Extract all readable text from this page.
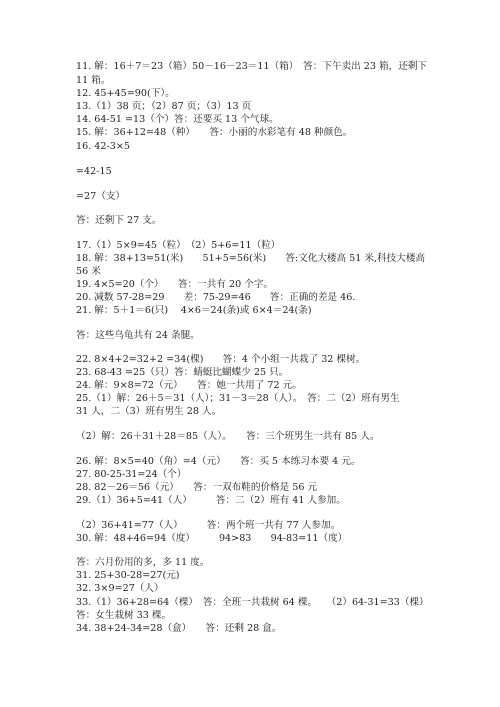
11. 解：16＋7＝23（箱）50－16－23＝11（箱）　答：下午卖出 23 箱，还剩下
11 箱。
12. 45+45=90(下）。
13.（1）38 页；（2）87 页；（3）13 页
14. 64-51 =13（个）答：还要买 13 个气球。
15. 解：36+12=48（种）　　答：小丽的水彩笔有 48 种颜色。
16. 42-3×5
=42-15
=27（支）
答：还剩下 27 支。
17.（1）5×9=45（粒）　（2）5+6=11（粒）
18. 解：38+13=51(米)　　51+5=56(米)　　答:文化大楼高 51 米,科技大楼高
56 米
19. 4×5=20（个）　　答：一共有 20 个字。
20. 减数 57-28=29　　差：75-29=46　　答：正确的差是 46.
21. 解：5＋1＝6(只)　 4×6＝24(条)或 6×4＝24(条)
答：这些乌龟共有 24 条腿。
22. 8×4+2=32+2 =34(棵)　　答：4 个小组一共栽了 32 棵树。
23. 68-43 =25（只）答：蜻蜓比蝴蝶少 25 只。
24. 解：9×8=72（元）　　答：她一共用了 72 元。
25.（1）解：26＋5＝31（人）；31－3＝28（人）。　答：二（2）班有男生
31 人，二（3）班有男生 28 人。
（2）解：26＋31＋28＝85（人）。　　答：三个班男生一共有 85 人。
26. 解：8×5=40（角）=4（元）　　答：买 5 本练习本要 4 元。
27. 80-25-31=24（个）
28. 82－26＝56（元）　　答：一双布鞋的价格是 56 元
29.（1）36+5=41（人）　　　答：二（2）班有 41 人参加。
（2）36+41=77（人）　　　答：两个班一共有 77 人参加。
30. 解：48+46=94（度）　　　94>83　　94-83=11（度）
答：六月份用的多，多 11 度。
31. 25+30-28=27(元)
32. 3×9=27（人）
33.（1）36+28=64（棵）　答：全班一共栽树 64 棵。　　（2）64-31=33（棵）
答：女生栽树 33 棵。
34. 38+24-34=28（盒）　　答：还剩 28 盒。
